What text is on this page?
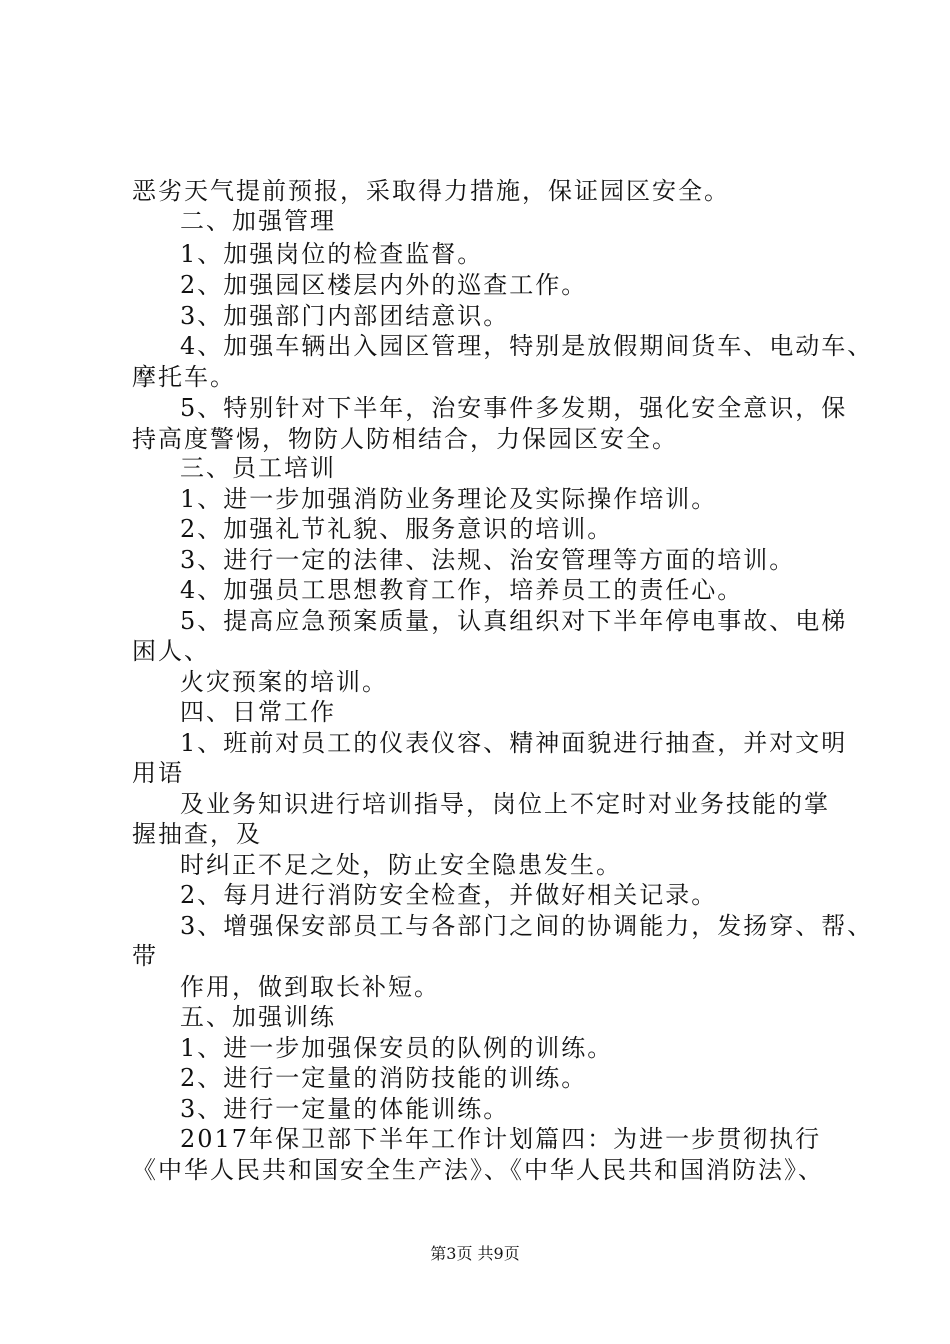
恶劣天气提前预报，采取得力措施，保证园区安全。
二、加强管理
1、加强岗位的检查监督。
2、加强园区楼层内外的巡查工作。
3、加强部门内部团结意识。
4、加强车辆出入园区管理，特别是放假期间货车、电动车、
摩托车。
5、特别针对下半年，治安事件多发期，强化安全意识，保
持高度警惕，物防人防相结合，力保园区安全。
三、员工培训
1、进一步加强消防业务理论及实际操作培训。
2、加强礼节礼貌、服务意识的培训。
3、进行一定的法律、法规、治安管理等方面的培训。
4、加强员工思想教育工作，培养员工的责任心。
5、提高应急预案质量，认真组织对下半年停电事故、电梯
困人、
火灾预案的培训。
四、日常工作
1、班前对员工的仪表仪容、精神面貌进行抽查，并对文明
用语
及业务知识进行培训指导，岗位上不定时对业务技能的掌
握抽查，及
时纠正不足之处，防止安全隐患发生。
2、每月进行消防安全检查，并做好相关记录。
3、增强保安部员工与各部门之间的协调能力，发扬穿、帮、
带
作用，做到取长补短。
五、加强训练
1、进一步加强保安员的队例的训练。
2、进行一定量的消防技能的训练。
3、进行一定量的体能训练。
2017年保卫部下半年工作计划篇四：为进一步贯彻执行
《中华人民共和国安全生产法》、《中华人民共和国消防法》、
第3页 共9页
